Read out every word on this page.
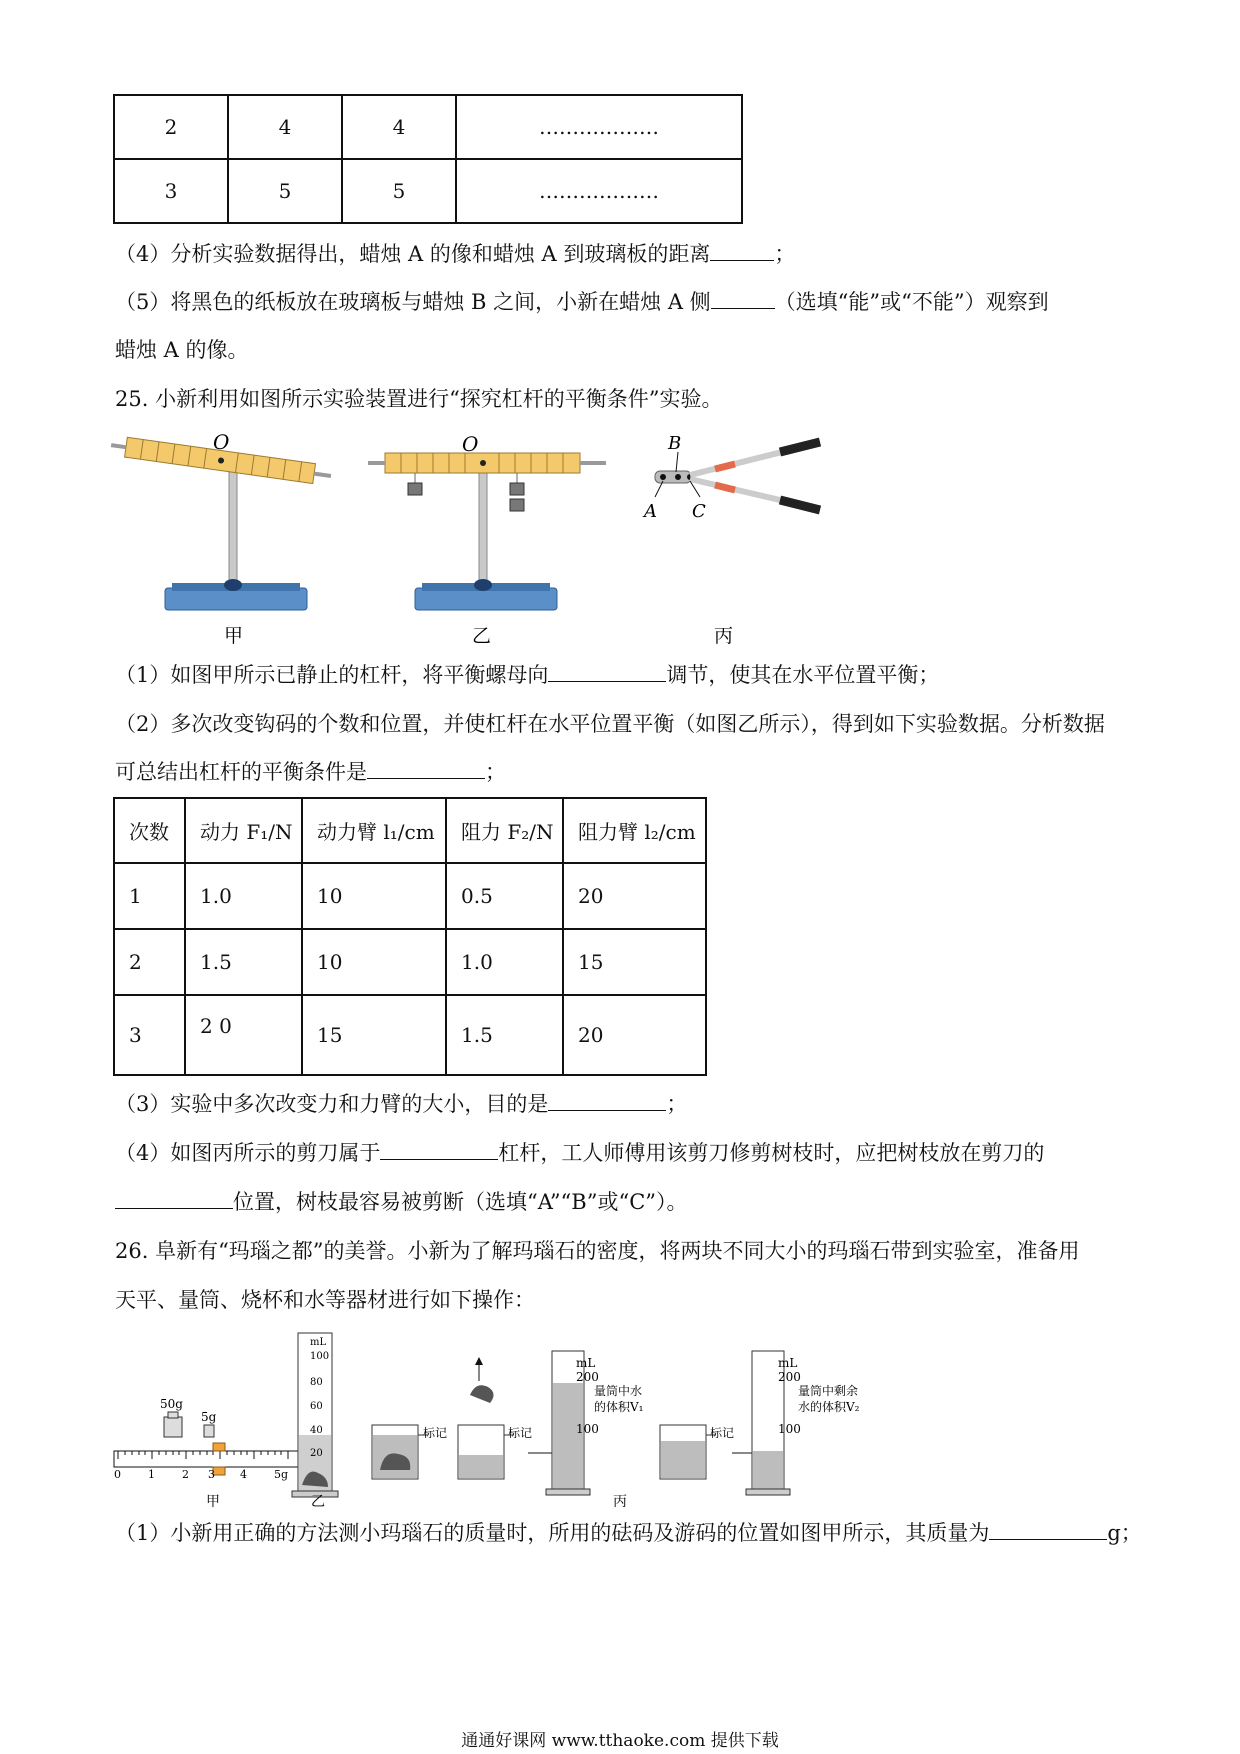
2	4	4	………………
3	5	5	………………
（4）分析实验数据得出，蜡烛 A 的像和蜡烛 A 到玻璃板的距离	；
（5）将黑色的纸板放在玻璃板与蜡烛 B 之间，小新在蜡烛 A 侧	（选填“能”或“不能”）观察到
蜡烛 A 的像。
25. 小新利用如图所示实验装置进行“探究杠杆的平衡条件”实验。
O	O	B
A C
甲	乙	丙
（1）如图甲所示已静止的杠杆，将平衡螺母向	调节，使其在水平位置平衡；
（2）多次改变钩码的个数和位置，并使杠杆在水平位置平衡（如图乙所示），得到如下实验数据。分析数据
可总结出杠杆的平衡条件是	；
次数	动力 F₁/N	动力臂 l₁/cm	阻力 F₂/N	阻力臂 l₂/cm
1	1.0	10	0.5	20
2	1.5	10	1.0	15
3	2 0	15	1.5	20
（3）实验中多次改变力和力臂的大小，目的是	；
（4）如图丙所示的剪刀属于	杠杆，工人师傅用该剪刀修剪树枝时，应把树枝放在剪刀的
位置，树枝最容易被剪断（选填“A”“B”或“C”）。
26. 阜新有“玛瑙之都”的美誉。小新为了解玛瑙石的密度，将两块不同大小的玛瑙石带到实验室，准备用
天平、量筒、烧杯和水等器材进行如下操作：
0 1 2 3 4 5g
50g
5g
甲
mL
100
80
60
40
20
乙
标记	标记
mL
200
100
量筒中水
的体积V₁
标记
mL
200
100
量筒中剩余
水的体积V₂
丙
（1）小新用正确的方法测小玛瑙石的质量时，所用的砝码及游码的位置如图甲所示，其质量为	g；
通通好课网 www.tthaoke.com 提供下载
